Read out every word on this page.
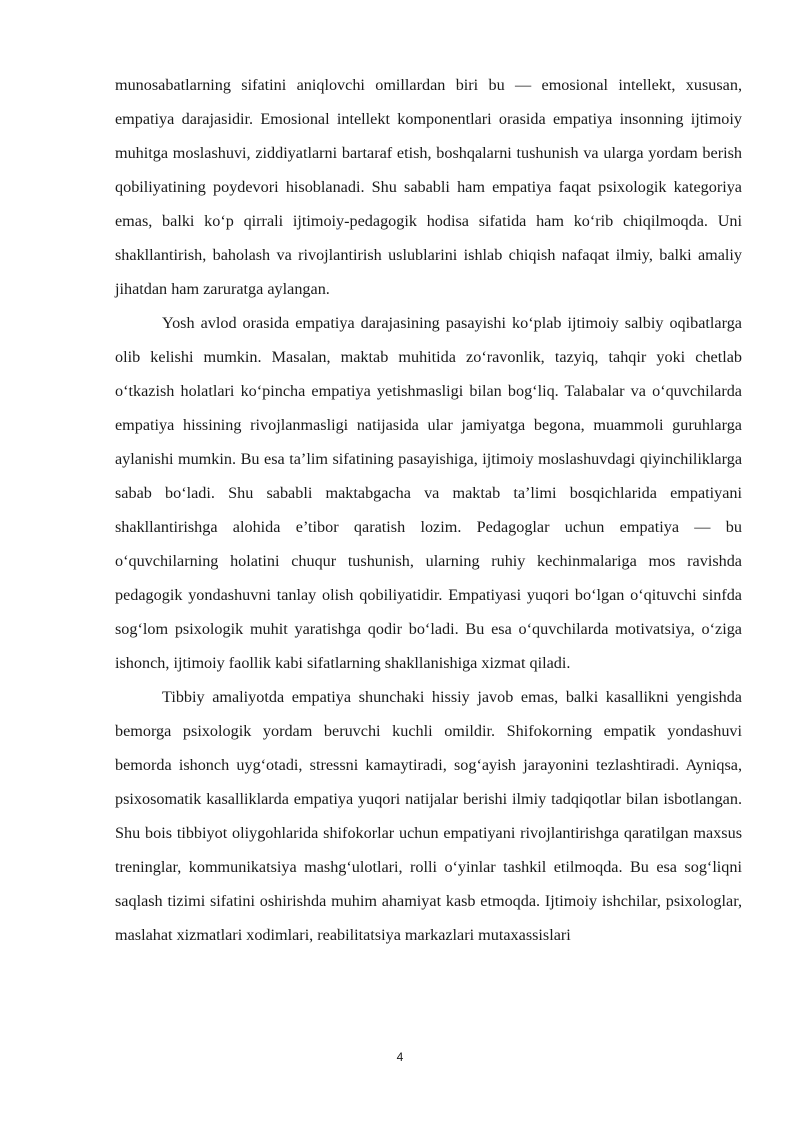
munosabatlarning sifatini aniqlovchi omillardan biri bu — emosional intellekt, xususan, empatiya darajasidir. Emosional intellekt komponentlari orasida empatiya insonning ijtimoiy muhitga moslashuvi, ziddiyatlarni bartaraf etish, boshqalarni tushunish va ularga yordam berish qobiliyatining poydevori hisoblanadi. Shu sababli ham empatiya faqat psixologik kategoriya emas, balki ko‘p qirrali ijtimoiy-pedagogik hodisa sifatida ham ko‘rib chiqilmoqda. Uni shakllantirish, baholash va rivojlantirish uslublarini ishlab chiqish nafaqat ilmiy, balki amaliy jihatdan ham zaruratga aylangan.

Yosh avlod orasida empatiya darajasining pasayishi ko‘plab ijtimoiy salbiy oqibatlarga olib kelishi mumkin. Masalan, maktab muhitida zo‘ravonlik, tazyiq, tahqir yoki chetlab o‘tkazish holatlari ko‘pincha empatiya yetishmasligi bilan bog‘liq. Talabalar va o‘quvchilarda empatiya hissining rivojlanmasligi natijasida ular jamiyatga begona, muammoli guruhlarga aylanishi mumkin. Bu esa ta’lim sifatining pasayishiga, ijtimoiy moslashuvdagi qiyinchiliklarga sabab bo‘ladi. Shu sababli maktabgacha va maktab ta’limi bosqichlarida empatiyani shakllantirishga alohida e’tibor qaratish lozim. Pedagoglar uchun empatiya — bu o‘quvchilarning holatini chuqur tushunish, ularning ruhiy kechinmalariga mos ravishda pedagogik yondashuvni tanlay olish qobiliyatidir. Empatiyasi yuqori bo‘lgan o‘qituvchi sinfda sog‘lom psixologik muhit yaratishga qodir bo‘ladi. Bu esa o‘quvchilarda motivatsiya, o‘ziga ishonch, ijtimoiy faollik kabi sifatlarning shakllanishiga xizmat qiladi.

Tibbiy amaliyotda empatiya shunchaki hissiy javob emas, balki kasallikni yengishda bemorga psixologik yordam beruvchi kuchli omildir. Shifokorning empatik yondashuvi bemorda ishonch uyg‘otadi, stressni kamaytiradi, sog‘ayish jarayonini tezlashtiradi. Ayniqsa, psixosomatik kasalliklarda empatiya yuqori natijalar berishi ilmiy tadqiqotlar bilan isbotlangan. Shu bois tibbiyot oliygohlarida shifokorlar uchun empatiyani rivojlantirishga qaratilgan maxsus treninglar, kommunikatsiya mashg‘ulotlari, rolli o‘yinlar tashkil etilmoqda. Bu esa sog‘liqni saqlash tizimi sifatini oshirishda muhim ahamiyat kasb etmoqda. Ijtimoiy ishchilar, psixologlar, maslahat xizmatlari xodimlari, reabilitatsiya markazlari mutaxassislari

4
